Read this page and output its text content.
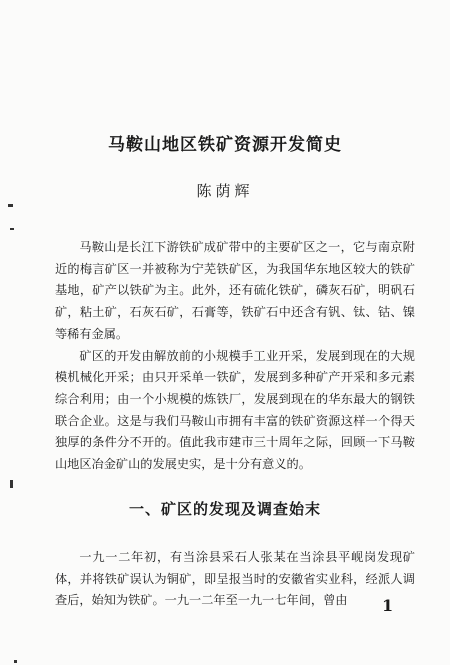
马鞍山地区铁矿资源开发简史
陈荫辉

马鞍山是长江下游铁矿成矿带中的主要矿区之一，它与南京附近的梅言矿区一并被称为宁芜铁矿区，为我国华东地区较大的铁矿基地，矿产以铁矿为主。此外，还有硫化铁矿，磷灰石矿，明矾石矿，粘土矿，石灰石矿，石膏等，铁矿石中还含有钒、钛、钴、镍等稀有金属。

矿区的开发由解放前的小规模手工业开采，发展到现在的大规模机械化开采；由只开采单一铁矿，发展到多种矿产开采和多元素综合利用；由一个小规模的炼铁厂，发展到现在的华东最大的钢铁联合企业。这是与我们马鞍山市拥有丰富的铁矿资源这样一个得天独厚的条件分不开的。值此我市建市三十周年之际，回顾一下马鞍山地区冶金矿山的发展史实，是十分有意义的。

一、矿区的发现及调查始末

一九一二年初，有当涂县采石人张某在当涂县平岘岗发现矿体，并将铁矿误认为铜矿，即呈报当时的安徽省实业科，经派人调查后，始知为铁矿。一九一二年至一九一七年间，曾由	1
